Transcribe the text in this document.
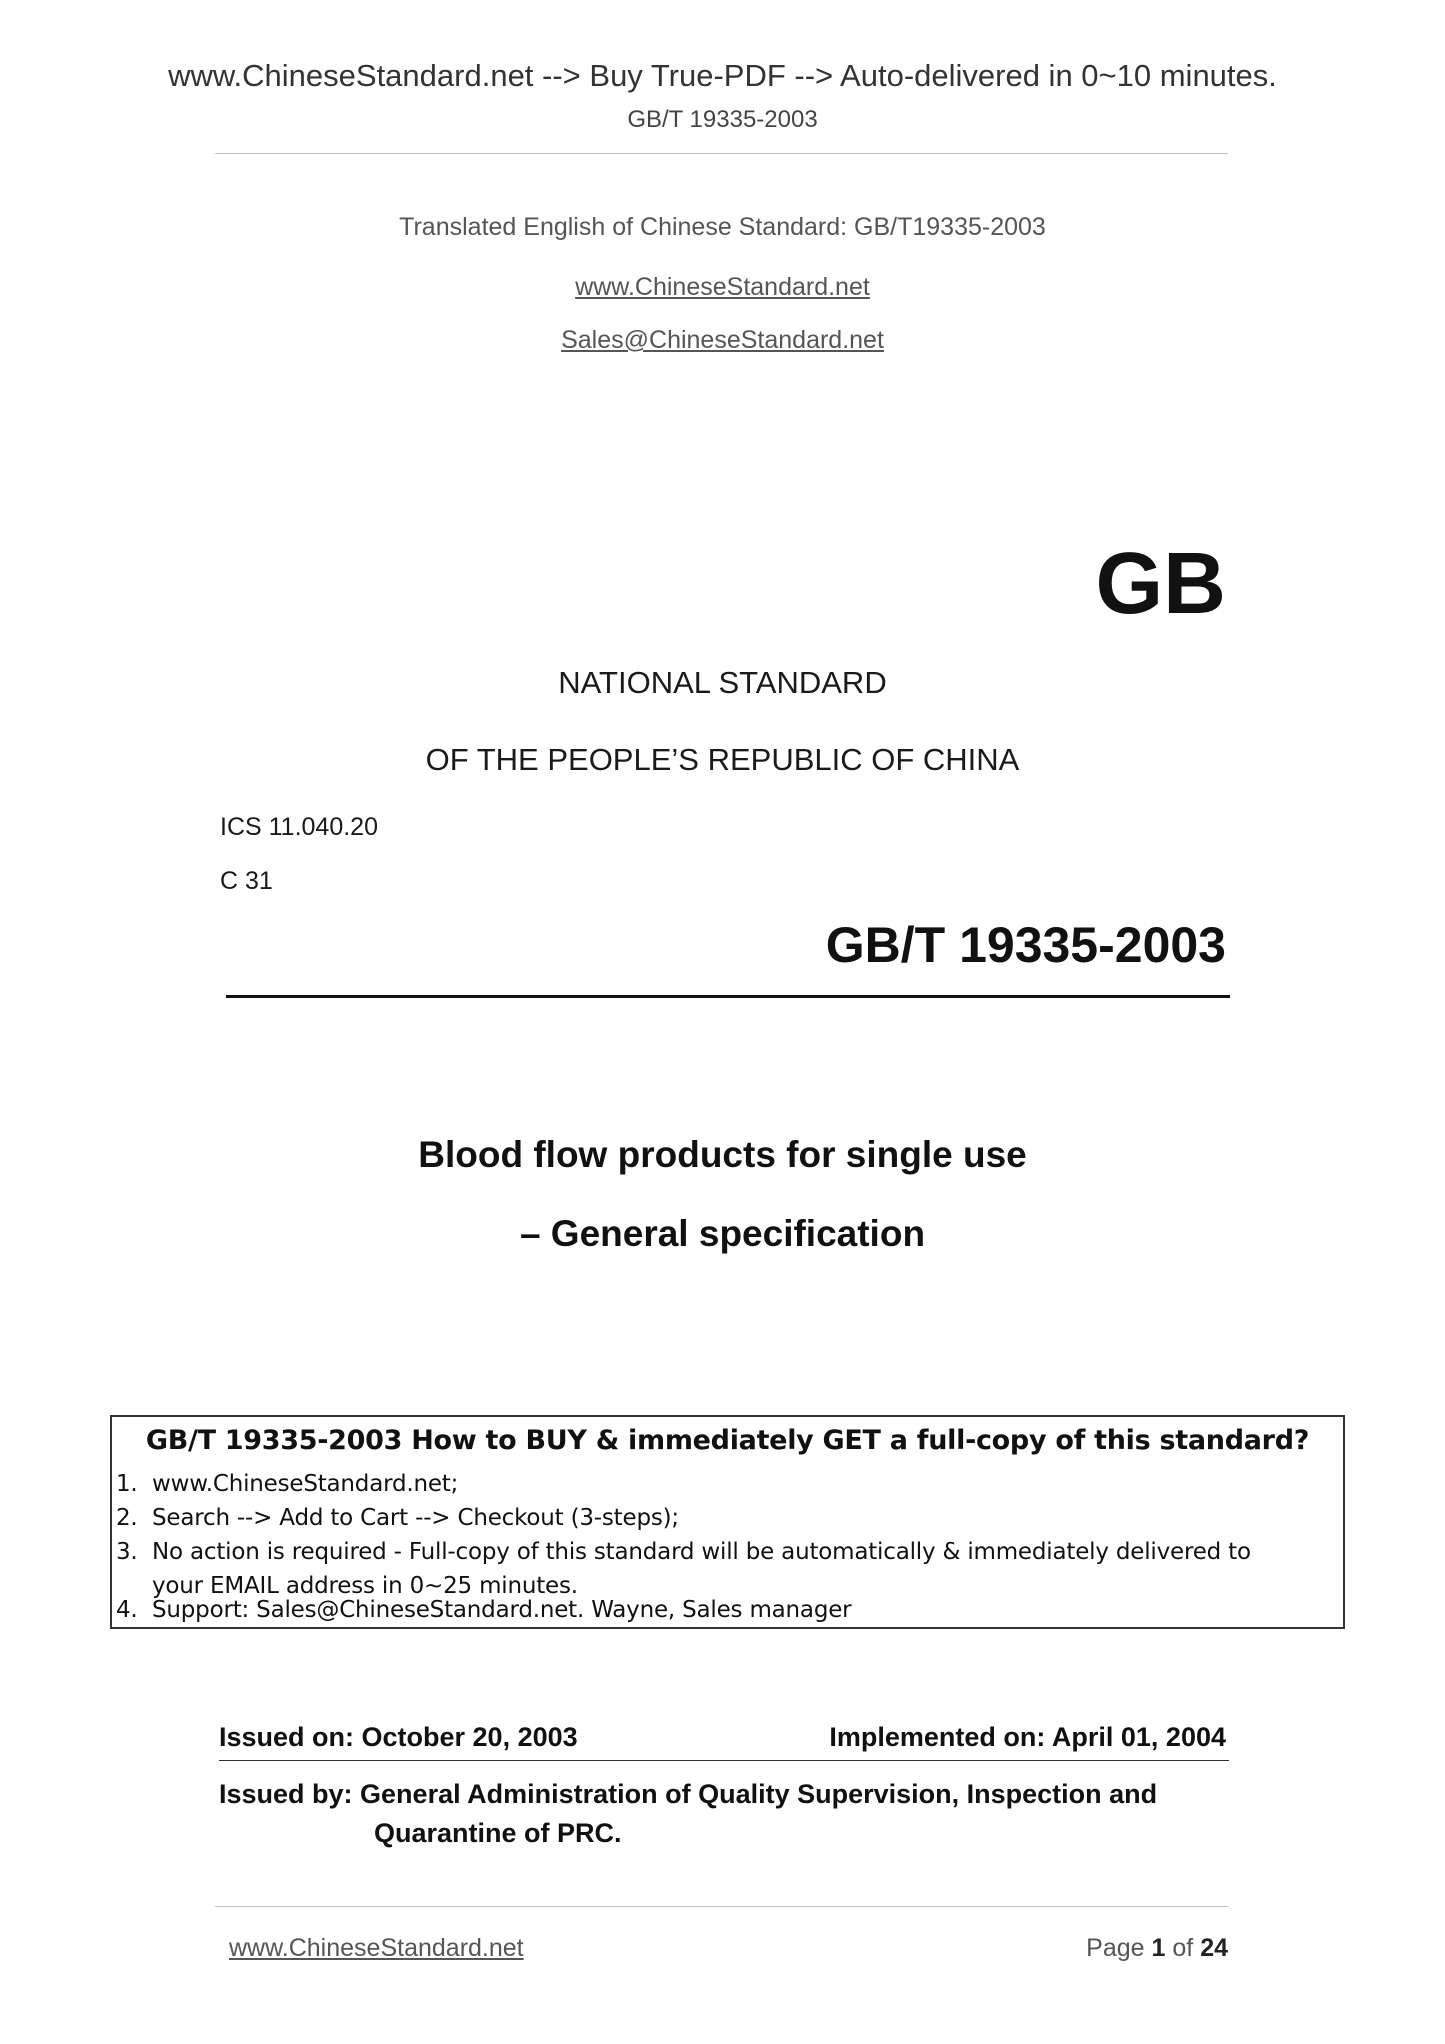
www.ChineseStandard.net --> Buy True-PDF --> Auto-delivered in 0~10 minutes.
GB/T 19335-2003
Translated English of Chinese Standard: GB/T19335-2003
www.ChineseStandard.net
Sales@ChineseStandard.net
GB
NATIONAL STANDARD
OF THE PEOPLE’S REPUBLIC OF CHINA
ICS 11.040.20
C 31
GB/T 19335-2003
Blood flow products for single use
– General specification
GB/T 19335-2003 How to BUY & immediately GET a full-copy of this standard?
1. www.ChineseStandard.net;
2. Search --> Add to Cart --> Checkout (3-steps);
3. No action is required - Full-copy of this standard will be automatically & immediately delivered to
your EMAIL address in 0~25 minutes.
4. Support: Sales@ChineseStandard.net. Wayne, Sales manager
Issued on: October 20, 2003	Implemented on: April 01, 2004
Issued by: General Administration of Quality Supervision, Inspection and
Quarantine of PRC.
www.ChineseStandard.net	Page 1 of 24
